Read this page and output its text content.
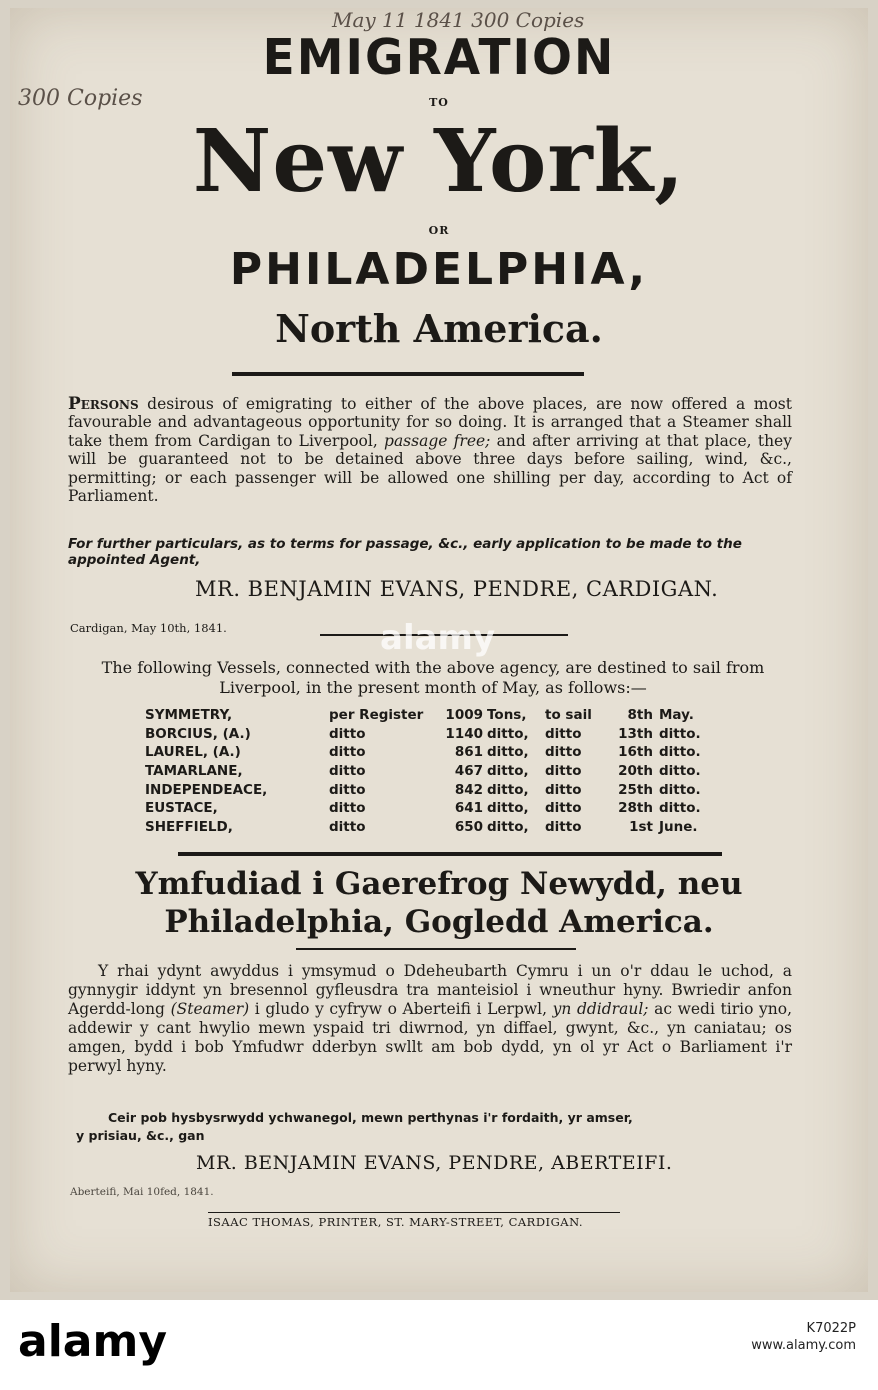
May 11 1841 300 Copies
300 Copies
EMIGRATION
TO
New York,
OR
PHILADELPHIA,
North America.
Persons desirous of emigrating to either of the above places, are now offered a most favourable and advantageous opportunity for so doing. It is arranged that a Steamer shall take them from Cardigan to Liverpool, passage free; and after arriving at that place, they will be guaranteed not to be detained above three days before sailing, wind, &c., permitting; or each passenger will be allowed one shilling per day, according to Act of Parliament.
For further particulars, as to terms for passage, &c., early application to be made to the appointed Agent,
MR. BENJAMIN EVANS, PENDRE, CARDIGAN.
Cardigan, May 10th, 1841.
The following Vessels, connected with the above agency, are destined to sail from Liverpool, in the present month of May, as follows:—
SYMMETRY,	per Register	1009	Tons,	to sail	8th	May.
BORCIUS, (A.)	ditto	1140	ditto,	ditto	13th	ditto.
LAUREL, (A.)	ditto	861	ditto,	ditto	16th	ditto.
TAMARLANE,	ditto	467	ditto,	ditto	20th	ditto.
INDEPENDEACE,	ditto	842	ditto,	ditto	25th	ditto.
EUSTACE,	ditto	641	ditto,	ditto	28th	ditto.
SHEFFIELD,	ditto	650	ditto,	ditto	1st	June.
Ymfudiad i Gaerefrog Newydd, neu
Philadelphia, Gogledd America.
Y rhai ydynt awyddus i ymsymud o Ddeheubarth Cymru i un o'r ddau le uchod, a gynnygir iddynt yn bresennol gyfleusdra tra manteisiol i wneuthur hyny. Bwriedir anfon Agerdd-long (Steamer) i gludo y cyfryw o Aberteifi i Lerpwl, yn ddidraul; ac wedi tirio yno, addewir y cant hwylio mewn yspaid tri diwrnod, yn diffael, gwynt, &c., yn caniatau; os amgen, bydd i bob Ymfudwr dderbyn swllt am bob dydd, yn ol yr Act o Barliament i'r perwyl hyny.
Ceir pob hysbysrwydd ychwanegol, mewn perthynas i'r fordaith, yr amser,
y prisiau, &c., gan
MR. BENJAMIN EVANS, PENDRE, ABERTEIFI.
Aberteifi, Mai 10fed, 1841.
ISAAC THOMAS, PRINTER, ST. MARY-STREET, CARDIGAN.
alamy
alamy	K7022P
www.alamy.com
